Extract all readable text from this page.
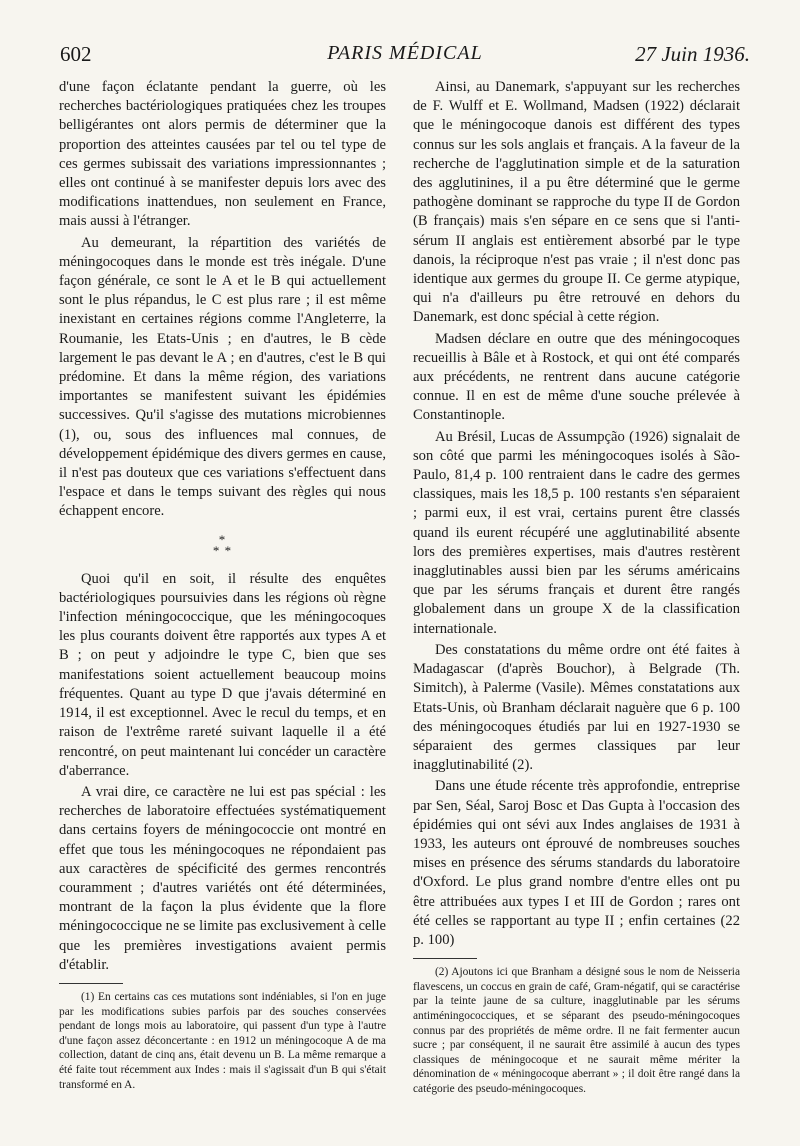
602	PARIS MÉDICAL	27 Juin 1936.

d'une façon éclatante pendant la guerre, où les recherches bactériologiques pratiquées chez les troupes belligérantes ont alors permis de déterminer que la proportion des atteintes causées par tel ou tel type de ces germes subissait des variations impressionnantes ; elles ont continué à se manifester depuis lors avec des modifications inattendues, non seulement en France, mais aussi à l'étranger.

Au demeurant, la répartition des variétés de méningocoques dans le monde est très inégale. D'une façon générale, ce sont le A et le B qui actuellement sont le plus répandus, le C est plus rare ; il est même inexistant en certaines régions comme l'Angleterre, la Roumanie, les Etats-Unis ; en d'autres, le B cède largement le pas devant le A ; en d'autres, c'est le B qui prédomine. Et dans la même région, des variations importantes se manifestent suivant les épidémies successives. Qu'il s'agisse des mutations microbiennes (1), ou, sous des influences mal connues, de développement épidémique des divers germes en cause, il n'est pas douteux que ces variations s'effectuent dans l'espace et dans le temps suivant des règles qui nous échappent encore.

*
* *

Quoi qu'il en soit, il résulte des enquêtes bactériologiques poursuivies dans les régions où règne l'infection méningococcique, que les méningocoques les plus courants doivent être rapportés aux types A et B ; on peut y adjoindre le type C, bien que ses manifestations soient actuellement beaucoup moins fréquentes. Quant au type D que j'avais déterminé en 1914, il est exceptionnel. Avec le recul du temps, et en raison de l'extrême rareté suivant laquelle il a été rencontré, on peut maintenant lui concéder un caractère d'aberrance.

A vrai dire, ce caractère ne lui est pas spécial : les recherches de laboratoire effectuées systématiquement dans certains foyers de méningococcie ont montré en effet que tous les méningocoques ne répondaient pas aux caractères de spécificité des germes rencontrés couramment ; d'autres variétés ont été déterminées, montrant de la façon la plus évidente que la flore méningococcique ne se limite pas exclusivement à celle que les premières investigations avaient permis d'établir.

(1) En certains cas ces mutations sont indéniables, si l'on en juge par les modifications subies parfois par des souches conservées pendant de longs mois au laboratoire, qui passent d'un type à l'autre d'une façon assez déconcertante : en 1912 un méningocoque A de ma collection, datant de cinq ans, était devenu un B. La même remarque a été faite tout récemment aux Indes : mais il s'agissait d'un B qui s'était transformé en A.

Ainsi, au Danemark, s'appuyant sur les recherches de F. Wulff et E. Wollmand, Madsen (1922) déclarait que le méningocoque danois est différent des types connus sur les sols anglais et français. A la faveur de la recherche de l'agglutination simple et de la saturation des agglutinines, il a pu être déterminé que le germe pathogène dominant se rapproche du type II de Gordon (B français) mais s'en sépare en ce sens que si l'anti-sérum II anglais est entièrement absorbé par le type danois, la réciproque n'est pas vraie ; il n'est donc pas identique aux germes du groupe II. Ce germe atypique, qui n'a d'ailleurs pu être retrouvé en dehors du Danemark, est donc spécial à cette région.

Madsen déclare en outre que des méningocoques recueillis à Bâle et à Rostock, et qui ont été comparés aux précédents, ne rentrent dans aucune catégorie connue. Il en est de même d'une souche prélevée à Constantinople.

Au Brésil, Lucas de Assumpção (1926) signalait de son côté que parmi les méningocoques isolés à São-Paulo, 81,4 p. 100 rentraient dans le cadre des germes classiques, mais les 18,5 p. 100 restants s'en séparaient ; parmi eux, il est vrai, certains purent être classés quand ils eurent récupéré une agglutinabilité absente lors des premières expertises, mais d'autres restèrent inagglutinables aussi bien par les sérums américains que par les sérums français et durent être rangés globalement dans un groupe X de la classification internationale.

Des constatations du même ordre ont été faites à Madagascar (d'après Bouchor), à Belgrade (Th. Simitch), à Palerme (Vasile). Mêmes constatations aux Etats-Unis, où Branham déclarait naguère que 6 p. 100 des méningocoques étudiés par lui en 1927-1930 se séparaient des germes classiques par leur inagglutinabilité (2).

Dans une étude récente très approfondie, entreprise par Sen, Séal, Saroj Bosc et Das Gupta à l'occasion des épidémies qui ont sévi aux Indes anglaises de 1931 à 1933, les auteurs ont éprouvé de nombreuses souches mises en présence des sérums standards du laboratoire d'Oxford. Le plus grand nombre d'entre elles ont pu être attribuées aux types I et III de Gordon ; rares ont été celles se rapportant au type II ; enfin certaines (22 p. 100)

(2) Ajoutons ici que Branham a désigné sous le nom de Neisseria flavescens, un coccus en grain de café, Gram-négatif, qui se caractérise par la teinte jaune de sa culture, inagglutinable par les sérums antiméningococciques, et se séparant des pseudo-méningocoques connus par des propriétés de même ordre. Il ne fait fermenter aucun sucre ; par conséquent, il ne saurait être assimilé à aucun des types classiques de méningocoque et ne saurait même mériter la dénomination de « méningocoque aberrant » ; il doit être rangé dans la catégorie des pseudo-méningocoques.
